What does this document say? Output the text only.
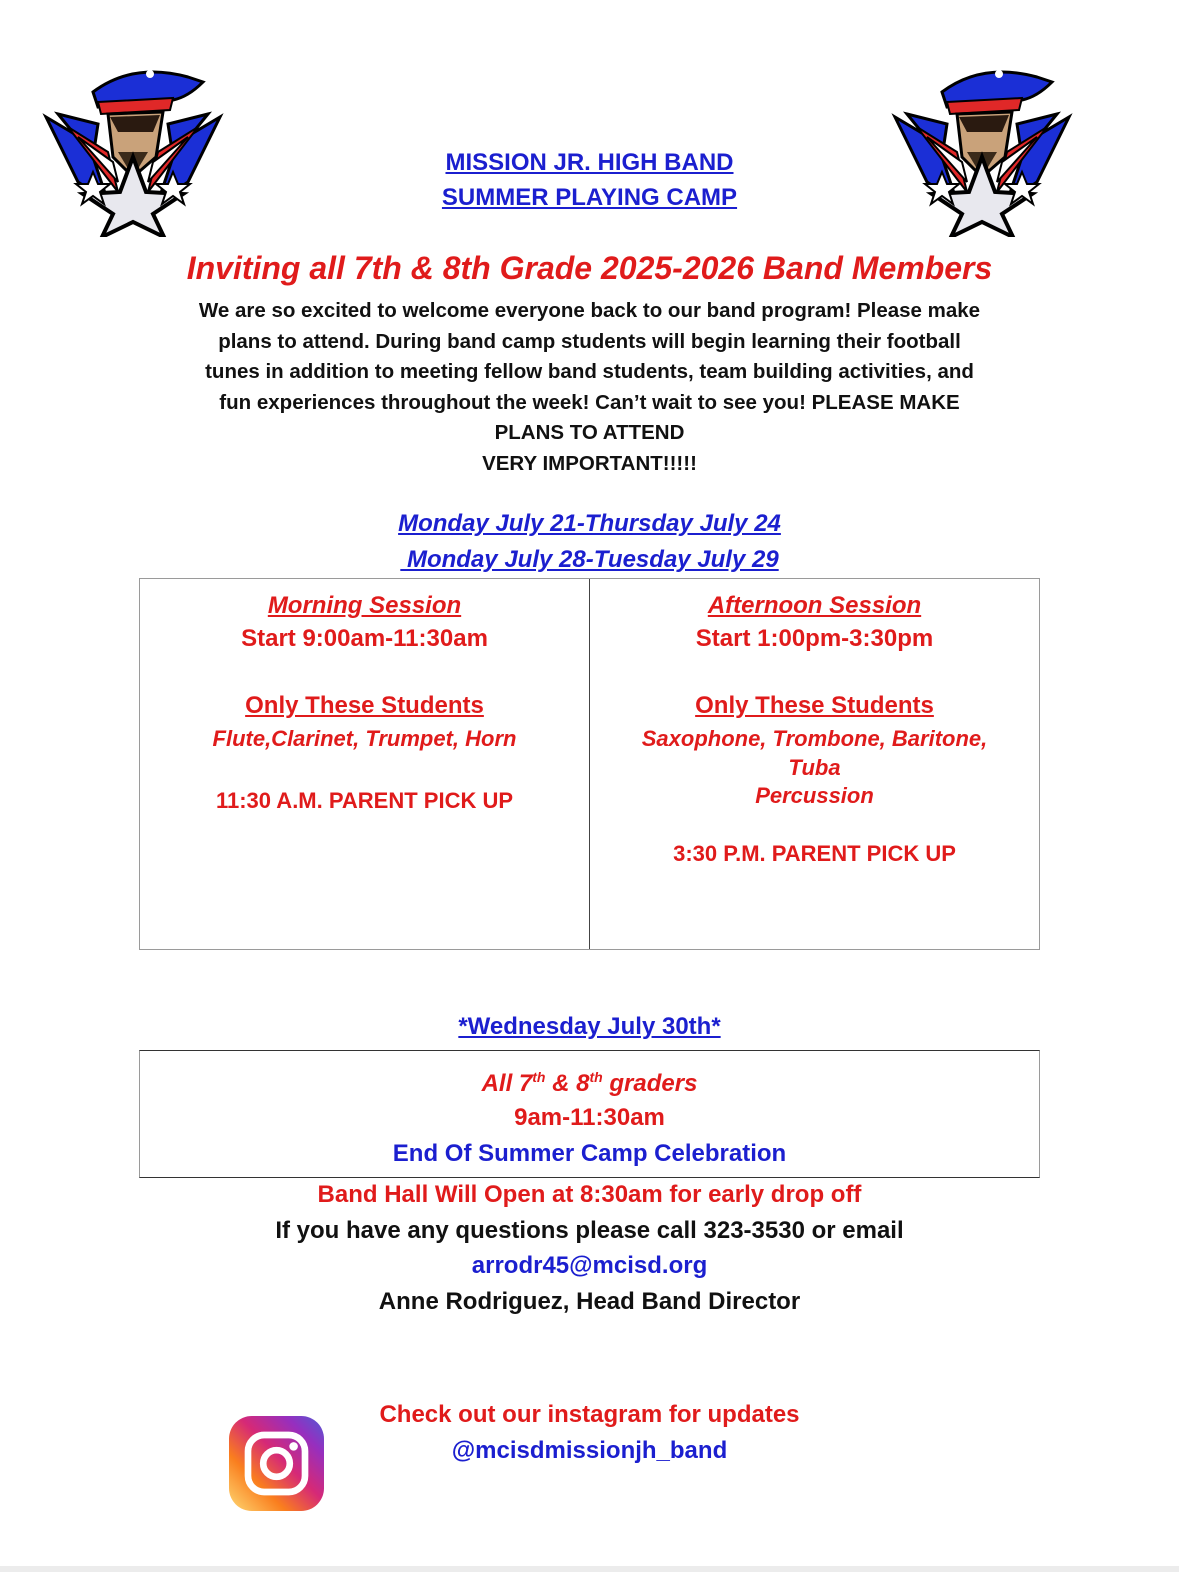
MISSION JR. HIGH BAND
SUMMER PLAYING CAMP
Inviting all 7th & 8th Grade 2025-2026 Band Members
We are so excited to welcome everyone back to our band program! Please make
plans to attend. During band camp students will begin learning their football
tunes in addition to meeting fellow band students, team building activities, and
fun experiences throughout the week! Can’t wait to see you! PLEASE MAKE
PLANS TO ATTEND
VERY IMPORTANT!!!!!
Monday July 21-Thursday July 24
Monday July 28-Tuesday July 29
Morning Session
Start 9:00am-11:30am
Only These Students
Flute,Clarinet, Trumpet, Horn
11:30 A.M. PARENT PICK UP
Afternoon Session
Start 1:00pm-3:30pm
Only These Students
Saxophone, Trombone, Baritone,
Tuba
Percussion
3:30 P.M. PARENT PICK UP
*Wednesday July 30th*
All 7th & 8th graders
9am-11:30am
End Of Summer Camp Celebration
Band Hall Will Open at 8:30am for early drop off
If you have any questions please call 323-3530 or email
arrodr45@mcisd.org
Anne Rodriguez, Head Band Director
Check out our instagram for updates
@mcisdmissionjh_band
